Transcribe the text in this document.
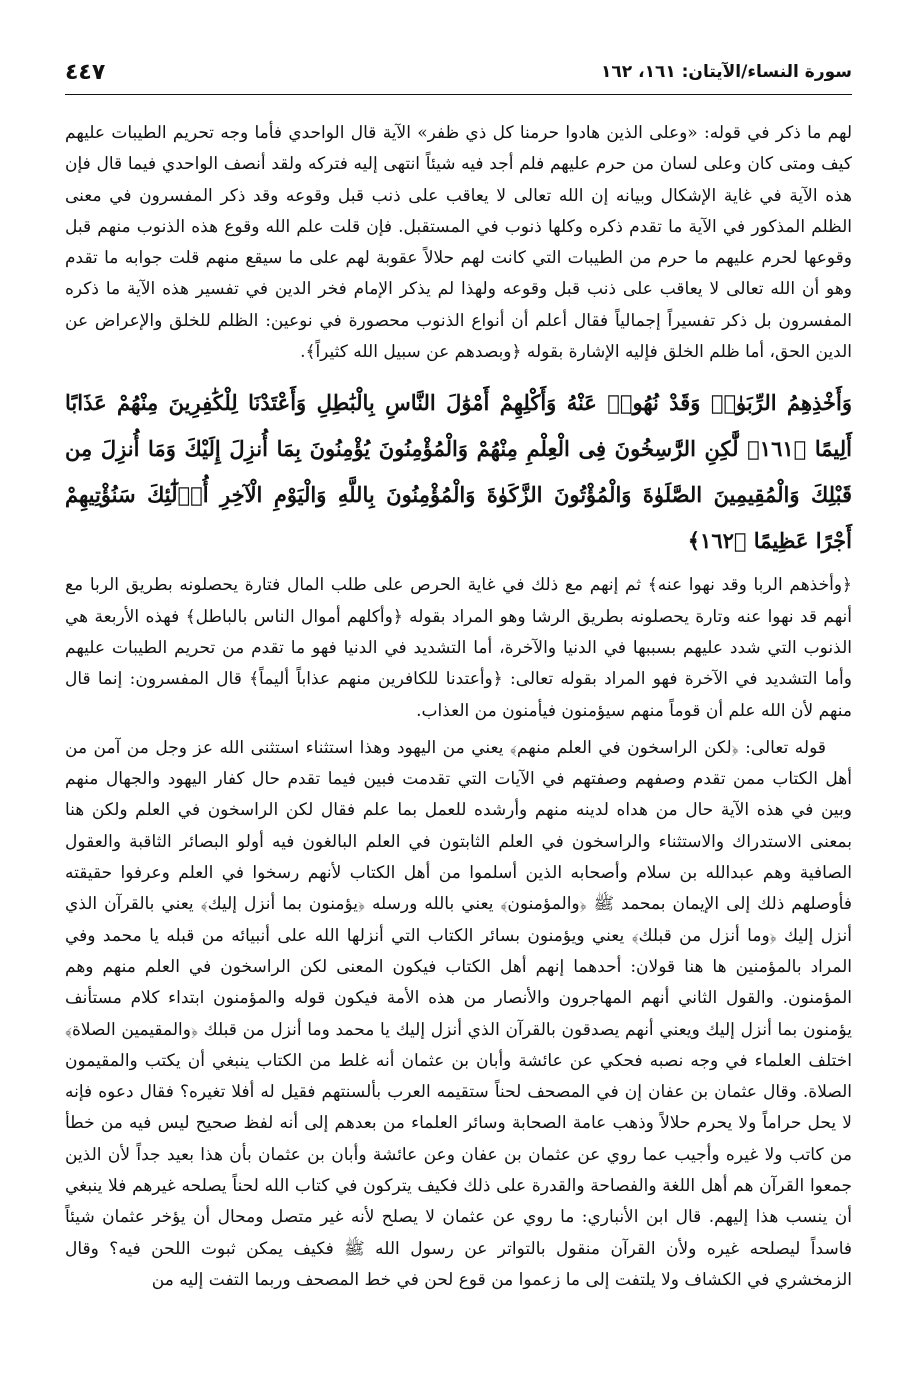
سورة النساء/الآيتان: ١٦١، ١٦٢
٤٤٧

لهم ما ذكر في قوله: «وعلى الذين هادوا حرمنا كل ذي ظفر» الآية قال الواحدي فأما وجه تحريم الطيبات عليهم كيف ومتى كان وعلى لسان من حرم عليهم فلم أجد فيه شيئاً انتهى إليه فتركه ولقد أنصف الواحدي فيما قال فإن هذه الآية في غاية الإشكال وبيانه إن الله تعالى لا يعاقب على ذنب قبل وقوعه وقد ذكر المفسرون في معنى الظلم المذكور في الآية ما تقدم ذكره وكلها ذنوب في المستقبل. فإن قلت علم الله وقوع هذه الذنوب منهم قبل وقوعها لحرم عليهم ما حرم من الطيبات التي كانت لهم حلالاً عقوبة لهم على ما سيقع منهم قلت جوابه ما تقدم وهو أن الله تعالى لا يعاقب على ذنب قبل وقوعه ولهذا لم يذكر الإمام فخر الدين في تفسير هذه الآية ما ذكره المفسرون بل ذكر تفسيراً إجمالياً فقال أعلم أن أنواع الذنوب محصورة في نوعين: الظلم للخلق والإعراض عن الدين الحق، أما ظلم الخلق فإليه الإشارة بقوله ﴿وبصدهم عن سبيل الله كثيراً﴾.

وَأَخْذِهِمُ الرِّبَوٰا۟ وَقَدْ نُهُوا۟ عَنْهُ وَأَكْلِهِمْ أَمْوَٰلَ النَّاسِ بِالْبَٰطِلِ وَأَعْتَدْنَا لِلْكَٰفِرِينَ مِنْهُمْ عَذَابًا أَلِيمًا ﴿١٦١﴾ لَّٰكِنِ الرَّٰسِخُونَ فِى الْعِلْمِ مِنْهُمْ وَالْمُؤْمِنُونَ يُؤْمِنُونَ بِمَا أُنزِلَ إِلَيْكَ وَمَا أُنزِلَ مِن قَبْلِكَ وَالْمُقِيمِينَ الصَّلَوٰةَ وَالْمُؤْتُونَ الزَّكَوٰةَ وَالْمُؤْمِنُونَ بِاللَّهِ وَالْيَوْمِ الْآخِرِ أُو۟لَٰٓئِكَ سَنُؤْتِيهِمْ أَجْرًا عَظِيمًا ﴿١٦٢﴾

﴿وأخذهم الربا وقد نهوا عنه﴾ ثم إنهم مع ذلك في غاية الحرص على طلب المال فتارة يحصلونه بطريق الربا مع أنهم قد نهوا عنه وتارة يحصلونه بطريق الرشا وهو المراد بقوله ﴿وأكلهم أموال الناس بالباطل﴾ فهذه الأربعة هي الذنوب التي شدد عليهم بسببها في الدنيا والآخرة، أما التشديد في الدنيا فهو ما تقدم من تحريم الطيبات عليهم وأما التشديد في الآخرة فهو المراد بقوله تعالى: ﴿وأعتدنا للكافرين منهم عذاباً أليماً﴾ قال المفسرون: إنما قال منهم لأن الله علم أن قوماً منهم سيؤمنون فيأمنون من العذاب.

قوله تعالى: ﴿لكن الراسخون في العلم منهم﴾ يعني من اليهود وهذا استثناء استثنى الله عز وجل من آمن من أهل الكتاب ممن تقدم وصفهم وصفتهم في الآيات التي تقدمت فبين فيما تقدم حال كفار اليهود والجهال منهم وبين في هذه الآية حال من هداه لدينه منهم وأرشده للعمل بما علم فقال لكن الراسخون في العلم ولكن هنا بمعنى الاستدراك والاستثناء والراسخون في العلم الثابتون في العلم البالغون فيه أولو البصائر الثاقبة والعقول الصافية وهم عبدالله بن سلام وأصحابه الذين أسلموا من أهل الكتاب لأنهم رسخوا في العلم وعرفوا حقيقته فأوصلهم ذلك إلى الإيمان بمحمد ﷺ ﴿والمؤمنون﴾ يعني بالله ورسله ﴿يؤمنون بما أنزل إليك﴾ يعني بالقرآن الذي أنزل إليك ﴿وما أنزل من قبلك﴾ يعني ويؤمنون بسائر الكتاب التي أنزلها الله على أنبيائه من قبله يا محمد وفي المراد بالمؤمنين ها هنا قولان: أحدهما إنهم أهل الكتاب فيكون المعنى لكن الراسخون في العلم منهم وهم المؤمنون. والقول الثاني أنهم المهاجرون والأنصار من هذه الأمة فيكون قوله والمؤمنون ابتداء كلام مستأنف يؤمنون بما أنزل إليك ويعني أنهم يصدقون بالقرآن الذي أنزل إليك يا محمد وما أنزل من قبلك ﴿والمقيمين الصلاة﴾ اختلف العلماء في وجه نصبه فحكي عن عائشة وأبان بن عثمان أنه غلط من الكتاب ينبغي أن يكتب والمقيمون الصلاة. وقال عثمان بن عفان إن في المصحف لحناً ستقيمه العرب بألسنتهم فقيل له أفلا تغيره؟ فقال دعوه فإنه لا يحل حراماً ولا يحرم حلالاً وذهب عامة الصحابة وسائر العلماء من بعدهم إلى أنه لفظ صحيح ليس فيه من خطأ من كاتب ولا غيره وأجيب عما روي عن عثمان بن عفان وعن عائشة وأبان بن عثمان بأن هذا بعيد جداً لأن الذين جمعوا القرآن هم أهل اللغة والفصاحة والقدرة على ذلك فكيف يتركون في كتاب الله لحناً يصلحه غيرهم فلا ينبغي أن ينسب هذا إليهم. قال ابن الأنباري: ما روي عن عثمان لا يصلح لأنه غير متصل ومحال أن يؤخر عثمان شيئاً فاسداً ليصلحه غيره ولأن القرآن منقول بالتواتر عن رسول الله ﷺ فكيف يمكن ثبوت اللحن فيه؟ وقال الزمخشري في الكشاف ولا يلتفت إلى ما زعموا من قوع لحن في خط المصحف وربما التفت إليه من
